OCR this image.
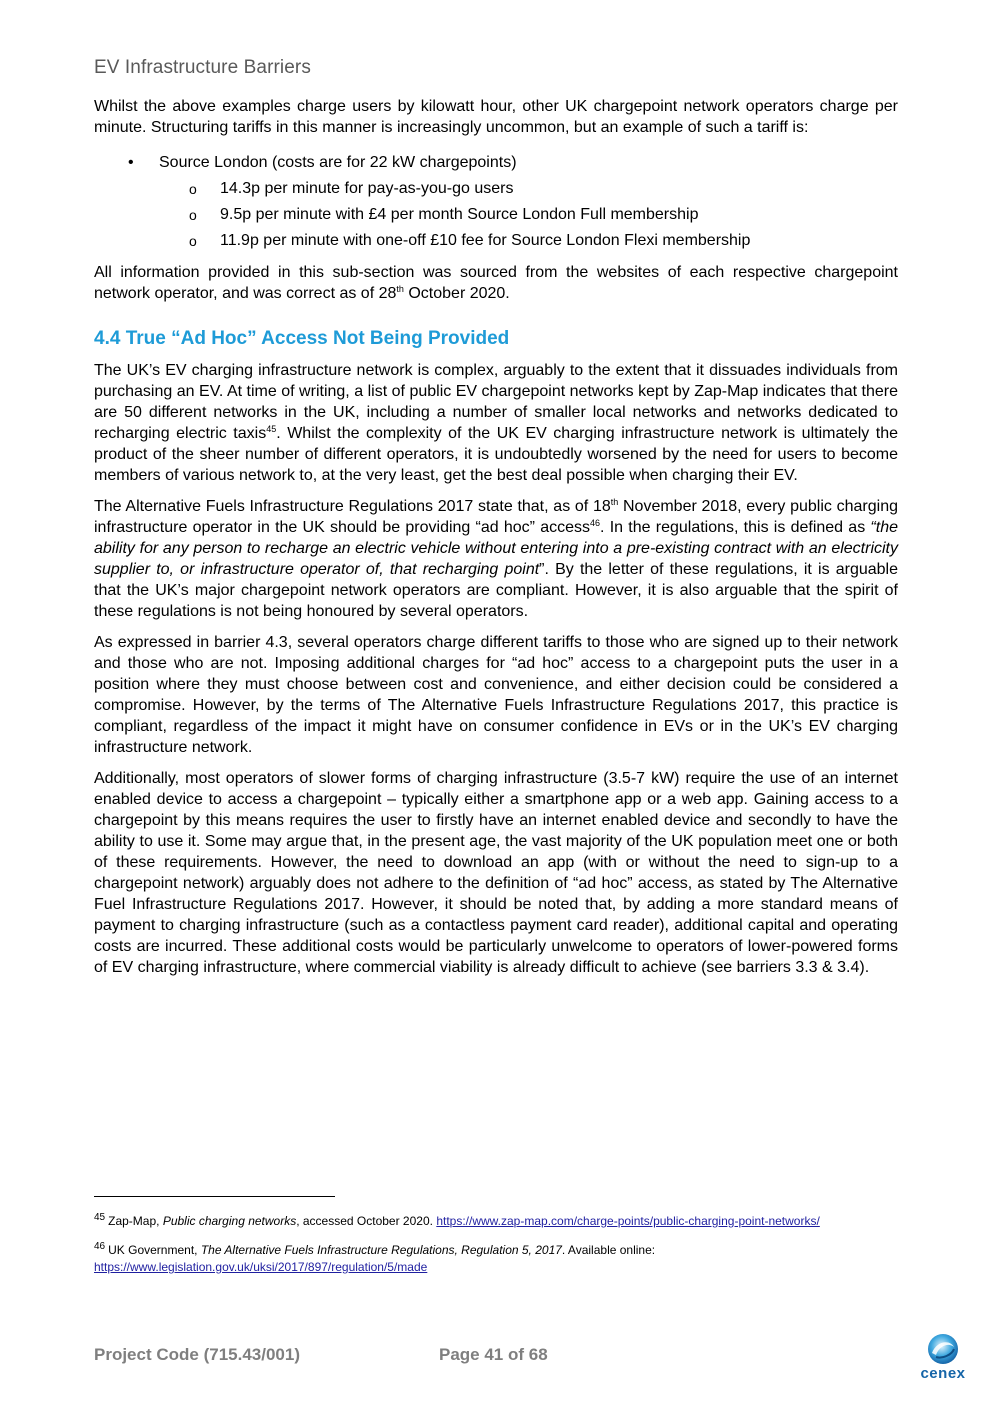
EV Infrastructure Barriers

Whilst the above examples charge users by kilowatt hour, other UK chargepoint network operators charge per minute. Structuring tariffs in this manner is increasingly uncommon, but an example of such a tariff is:

• Source London (costs are for 22 kW chargepoints)
o 14.3p per minute for pay-as-you-go users
o 9.5p per minute with £4 per month Source London Full membership
o 11.9p per minute with one-off £10 fee for Source London Flexi membership

All information provided in this sub-section was sourced from the websites of each respective chargepoint network operator, and was correct as of 28th October 2020.

4.4 True “Ad Hoc” Access Not Being Provided

The UK’s EV charging infrastructure network is complex, arguably to the extent that it dissuades individuals from purchasing an EV. At time of writing, a list of public EV chargepoint networks kept by Zap-Map indicates that there are 50 different networks in the UK, including a number of smaller local networks and networks dedicated to recharging electric taxis$^{45}$. Whilst the complexity of the UK EV charging infrastructure network is ultimately the product of the sheer number of different operators, it is undoubtedly worsened by the need for users to become members of various network to, at the very least, get the best deal possible when charging their EV.

The Alternative Fuels Infrastructure Regulations 2017 state that, as of 18th November 2018, every public charging infrastructure operator in the UK should be providing “ad hoc” access$^{46}$. In the regulations, this is defined as “the ability for any person to recharge an electric vehicle without entering into a pre-existing contract with an electricity supplier to, or infrastructure operator of, that recharging point”. By the letter of these regulations, it is arguable that the UK’s major chargepoint network operators are compliant. However, it is also arguable that the spirit of these regulations is not being honoured by several operators.

As expressed in barrier 4.3, several operators charge different tariffs to those who are signed up to their network and those who are not. Imposing additional charges for “ad hoc” access to a chargepoint puts the user in a position where they must choose between cost and convenience, and either decision could be considered a compromise. However, by the terms of The Alternative Fuels Infrastructure Regulations 2017, this practice is compliant, regardless of the impact it might have on consumer confidence in EVs or in the UK’s EV charging infrastructure network.

Additionally, most operators of slower forms of charging infrastructure (3.5-7 kW) require the use of an internet enabled device to access a chargepoint – typically either a smartphone app or a web app. Gaining access to a chargepoint by this means requires the user to firstly have an internet enabled device and secondly to have the ability to use it. Some may argue that, in the present age, the vast majority of the UK population meet one or both of these requirements. However, the need to download an app (with or without the need to sign-up to a chargepoint network) arguably does not adhere to the definition of “ad hoc” access, as stated by The Alternative Fuel Infrastructure Regulations 2017. However, it should be noted that, by adding a more standard means of payment to charging infrastructure (such as a contactless payment card reader), additional capital and operating costs are incurred. These additional costs would be particularly unwelcome to operators of lower-powered forms of EV charging infrastructure, where commercial viability is already difficult to achieve (see barriers 3.3 & 3.4).

$^{45}$ Zap-Map, Public charging networks, accessed October 2020. https://www.zap-map.com/charge-points/public-charging-point-networks/
$^{46}$ UK Government, The Alternative Fuels Infrastructure Regulations, Regulation 5, 2017. Available online:
https://www.legislation.gov.uk/uksi/2017/897/regulation/5/made
Project Code (715.43/001)	Page 41 of 68
cenex
